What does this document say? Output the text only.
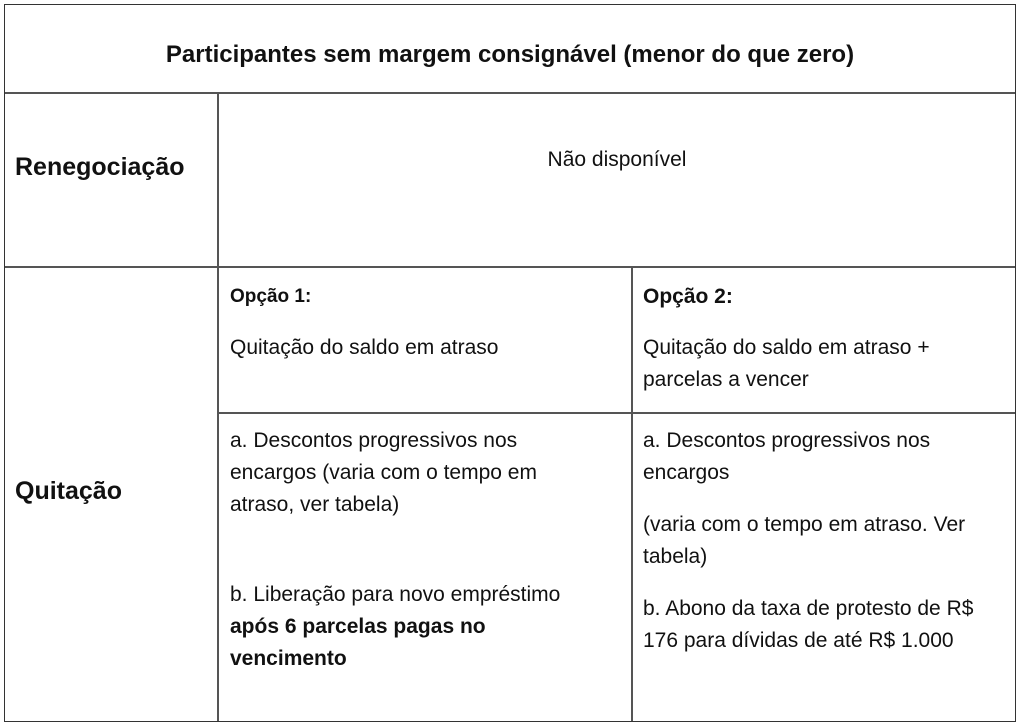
Participantes sem margem consignável (menor do que zero)

Renegociação	Não disponível

Quitação

Opção 1:

Quitação do saldo em atraso

Opção 2:

Quitação do saldo em atraso + parcelas a vencer

a. Descontos progressivos nos encargos (varia com o tempo em atraso, ver tabela)

b. Liberação para novo empréstimo
após 6 parcelas pagas no vencimento

a. Descontos progressivos nos encargos

(varia com o tempo em atraso. Ver tabela)

b. Abono da taxa de protesto de R$ 176 para dívidas de até R$ 1.000
